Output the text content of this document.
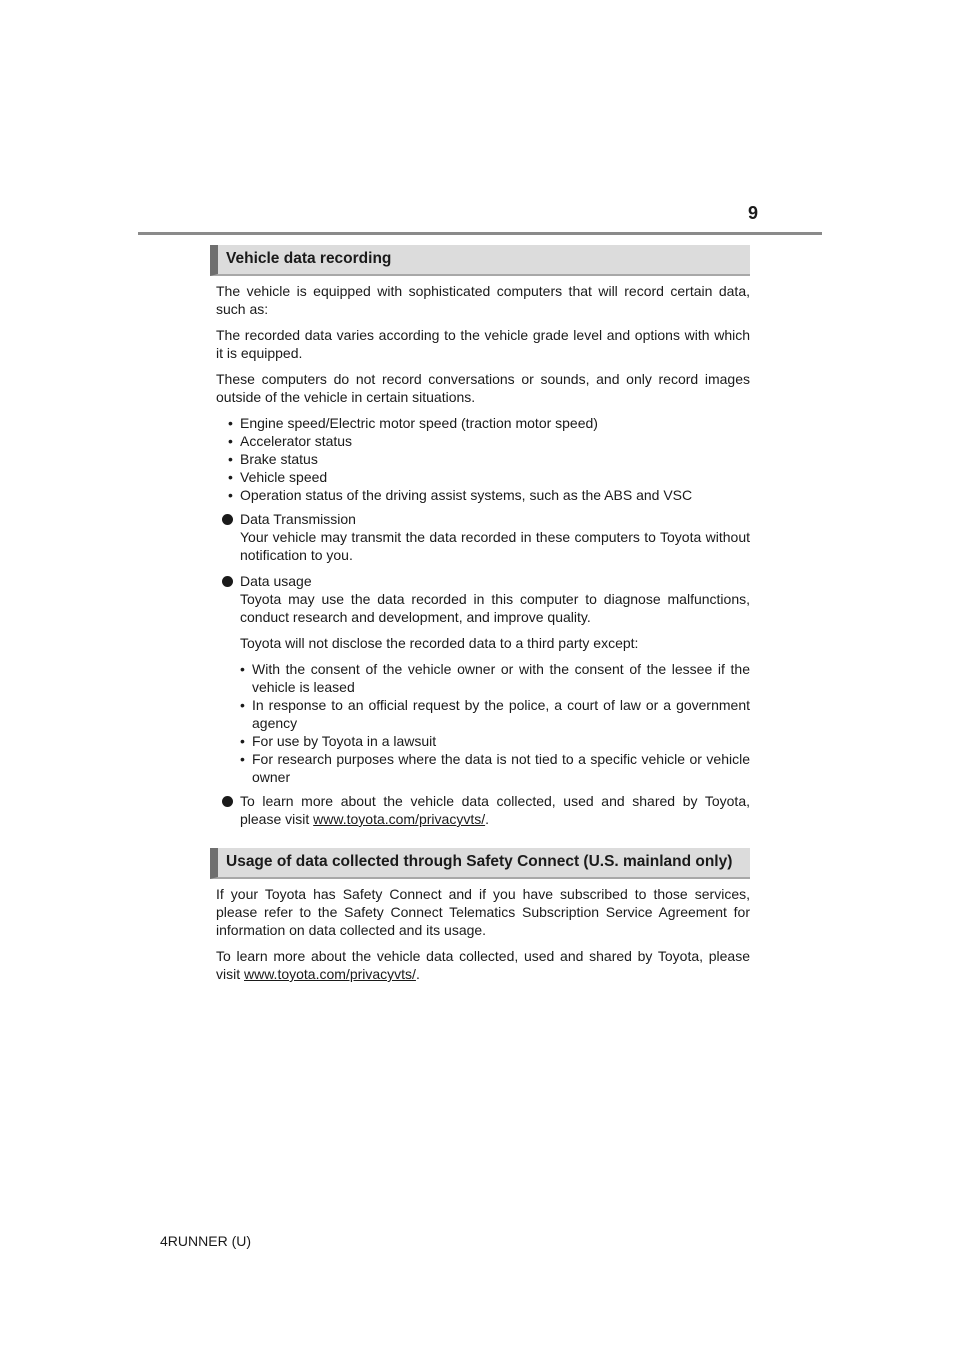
9
Vehicle data recording

The vehicle is equipped with sophisticated computers that will record certain data, such as:

The recorded data varies according to the vehicle grade level and options with which it is equipped.

These computers do not record conversations or sounds, and only record images outside of the vehicle in certain situations.

• Engine speed/Electric motor speed (traction motor speed)
• Accelerator status
• Brake status
• Vehicle speed
• Operation status of the driving assist systems, such as the ABS and VSC
Data Transmission
Your vehicle may transmit the data recorded in these computers to Toyota without notification to you.
Data usage
Toyota may use the data recorded in this computer to diagnose malfunctions, conduct research and development, and improve quality.
Toyota will not disclose the recorded data to a third party except:
• With the consent of the vehicle owner or with the consent of the lessee if the vehicle is leased
• In response to an official request by the police, a court of law or a government agency
• For use by Toyota in a lawsuit
• For research purposes where the data is not tied to a specific vehicle or vehicle owner
To learn more about the vehicle data collected, used and shared by Toyota, please visit www.toyota.com/privacyvts/.
Usage of data collected through Safety Connect (U.S. mainland only)

If your Toyota has Safety Connect and if you have subscribed to those services, please refer to the Safety Connect Telematics Subscription Service Agreement for information on data collected and its usage.

To learn more about the vehicle data collected, used and shared by Toyota, please visit www.toyota.com/privacyvts/.

4RUNNER (U)
